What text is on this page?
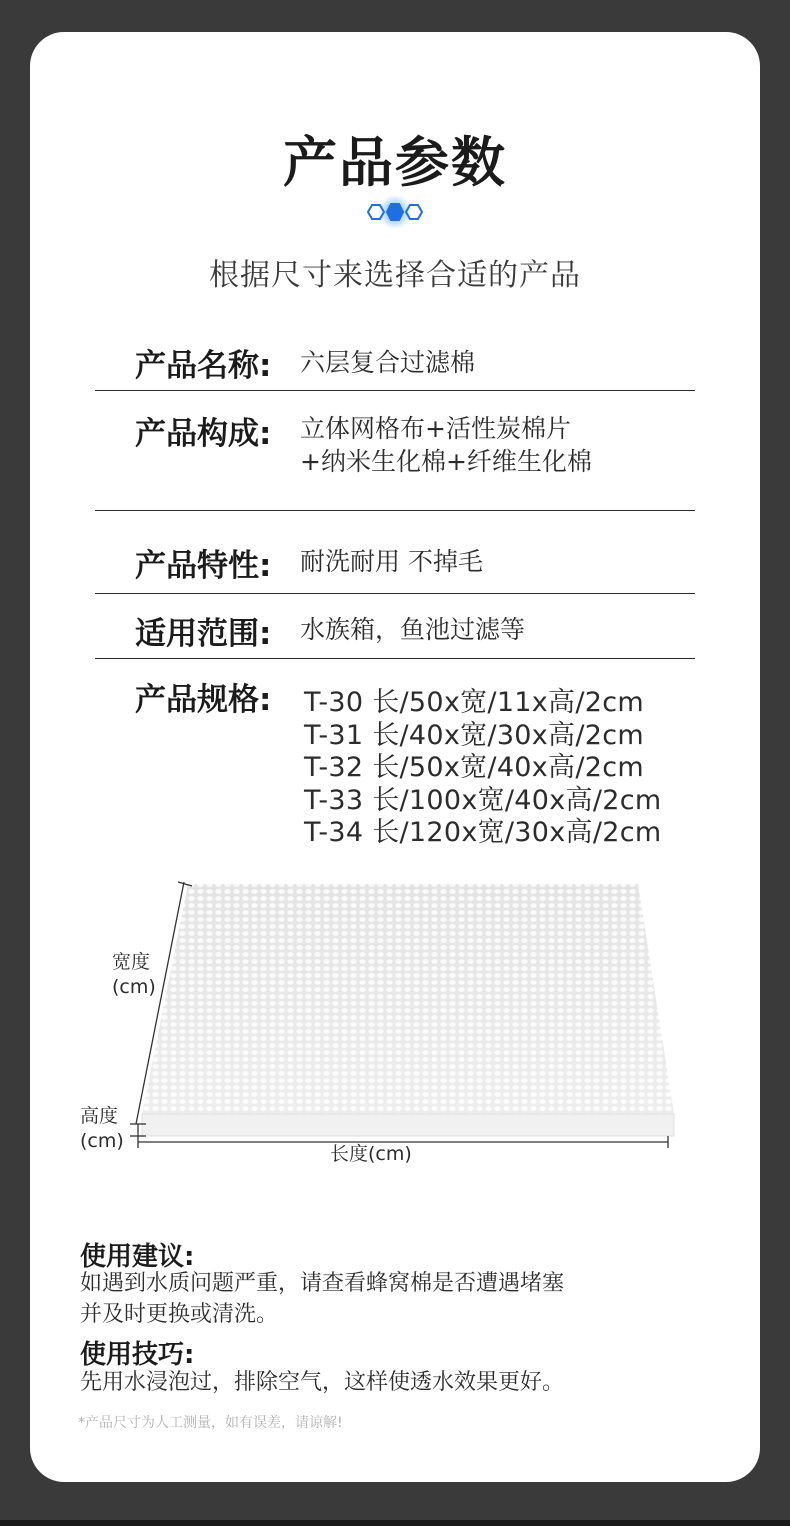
产品参数
根据尺寸来选择合适的产品
产品名称: 六层复合过滤棉
产品构成: 立体网格布+活性炭棉片
+纳米生化棉+纤维生化棉
产品特性: 耐洗耐用 不掉毛
适用范围: 水族箱，鱼池过滤等
产品规格: T-30 长/50x宽/11x高/2cm
T-31 长/40x宽/30x高/2cm
T-32 长/50x宽/40x高/2cm
T-33 长/100x宽/40x高/2cm
T-34 长/120x宽/30x高/2cm
宽度
(cm)
高度
(cm)
长度(cm)
使用建议:
如遇到水质问题严重，请查看蜂窝棉是否遭遇堵塞
并及时更换或清洗。
使用技巧:
先用水浸泡过，排除空气，这样使透水效果更好。
*产品尺寸为人工测量，如有误差，请谅解!
